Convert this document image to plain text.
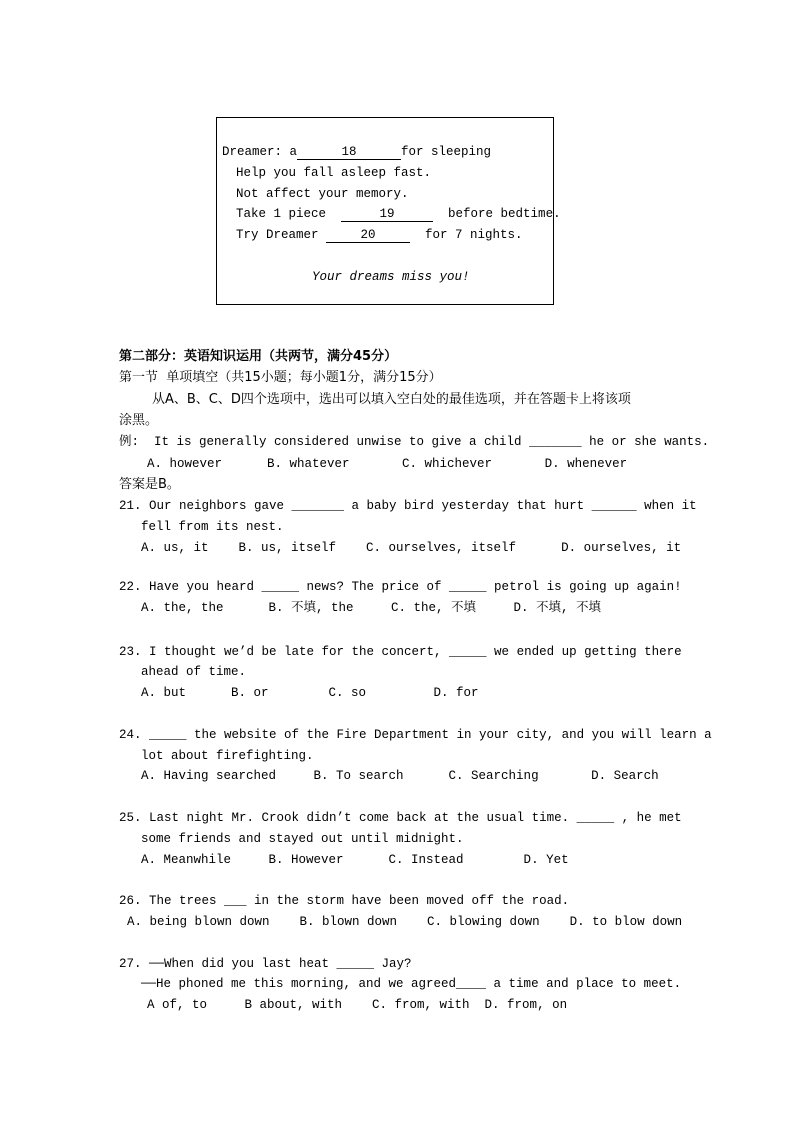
Dreamer: a	18	for sleeping
Help you fall asleep fast.
Not affect your memory.
Take 1 piece	19	before bedtime.
Try Dreamer	20	for 7 nights.
Your dreams miss you!
第二部分：英语知识运用（共两节，满分45分）
第一节  单项填空（共15小题；每小题1分，满分15分）
从A、B、C、D四个选项中，选出可以填入空白处的最佳选项，并在答题卡上将该项
涂黑。
例:  It is generally considered unwise to give a child _______ he or she wants.
A. however      B. whatever       C. whichever       D. whenever
答案是B。
21. Our neighbors gave _______ a baby bird yesterday that hurt ______ when it
fell from its nest.
A. us, it    B. us, itself    C. ourselves, itself      D. ourselves, it
22. Have you heard _____ news? The price of _____ petrol is going up again!
A. the, the      B. 不填, the     C. the, 不填     D. 不填, 不填
23. I thought we’d be late for the concert, _____ we ended up getting there
ahead of time.
A. but      B. or        C. so         D. for
24. _____ the website of the Fire Department in your city, and you will learn a
lot about firefighting.
A. Having searched     B. To search      C. Searching       D. Search
25. Last night Mr. Crook didn’t come back at the usual time. _____ , he met
some friends and stayed out until midnight.
A. Meanwhile     B. However      C. Instead        D. Yet
26. The trees ___ in the storm have been moved off the road.
A. being blown down    B. blown down    C. blowing down    D. to blow down
27. ──When did you last heat _____ Jay?
──He phoned me this morning, and we agreed____ a time and place to meet.
A of, to     B about, with    C. from, with  D. from, on
